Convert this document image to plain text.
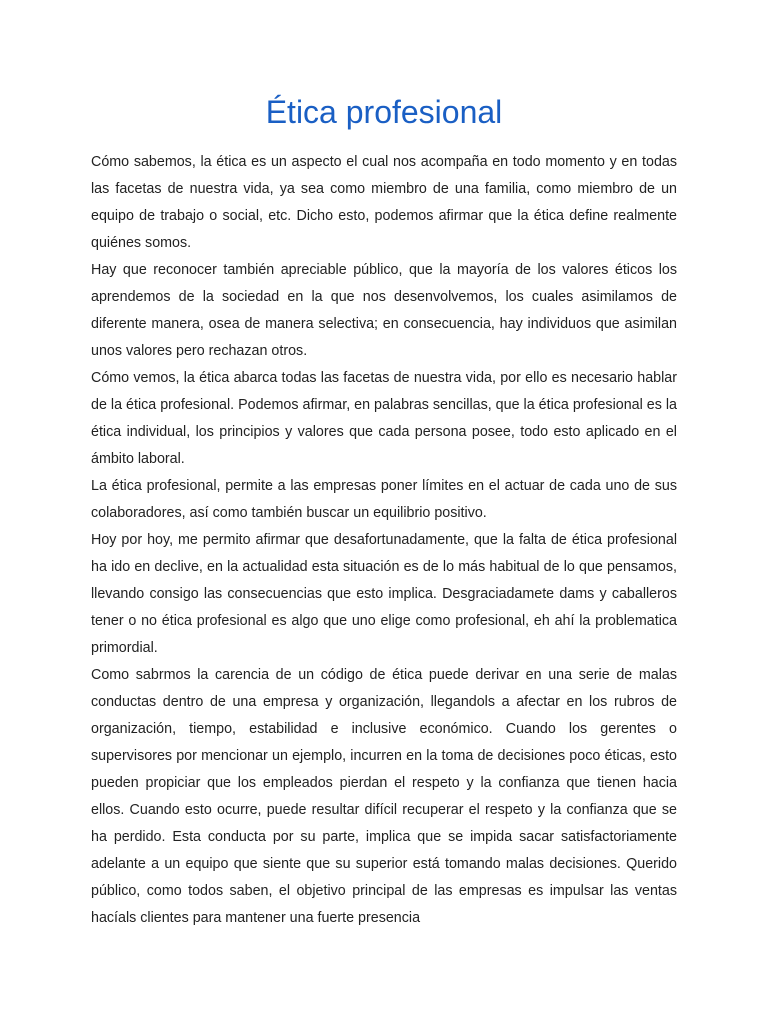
Ética profesional

Cómo sabemos, la ética es un aspecto el cual nos acompaña en todo momento y en todas las facetas de nuestra vida, ya sea como miembro de una familia, como miembro de un equipo de trabajo o social, etc. Dicho esto, podemos afirmar que la ética define realmente quiénes somos.

Hay que reconocer también apreciable público, que la mayoría de los valores éticos los aprendemos de la sociedad en la que nos desenvolvemos, los cuales asimilamos de diferente manera, osea de manera selectiva; en consecuencia, hay individuos que asimilan unos valores pero rechazan otros.

Cómo vemos, la ética abarca todas las facetas de nuestra vida, por ello es necesario hablar de la ética profesional. Podemos afirmar, en palabras sencillas, que la ética profesional es la ética individual, los principios y valores que cada persona posee, todo esto aplicado en el ámbito laboral.

La ética profesional, permite a las empresas poner límites en el actuar de cada uno de sus colaboradores, así como también buscar un equilibrio positivo.

Hoy por hoy, me permito afirmar que desafortunadamente, que la falta de ética profesional ha ido en declive, en la actualidad esta situación es de lo más habitual de lo que pensamos, llevando consigo las consecuencias que esto implica. Desgraciadamete dams y caballeros tener o no ética profesional es algo que uno elige como profesional, eh ahí la problematica primordial.

Como sabrmos la carencia de un código de ética puede derivar en una serie de malas conductas dentro de una empresa y organización, llegandols a afectar en los rubros de organización, tiempo, estabilidad e inclusive económico. Cuando los gerentes o supervisores por mencionar un ejemplo, incurren en la toma de decisiones poco éticas, esto pueden propiciar que los empleados pierdan el respeto y la confianza que tienen hacia ellos. Cuando esto ocurre, puede resultar difícil recuperar el respeto y la confianza que se ha perdido. Esta conducta por su parte, implica que se impida sacar satisfactoriamente adelante a un equipo que siente que su superior está tomando malas decisiones. Querido público, como todos saben, el objetivo principal de las empresas es impulsar las ventas hacíals clientes para mantener una fuerte presencia
